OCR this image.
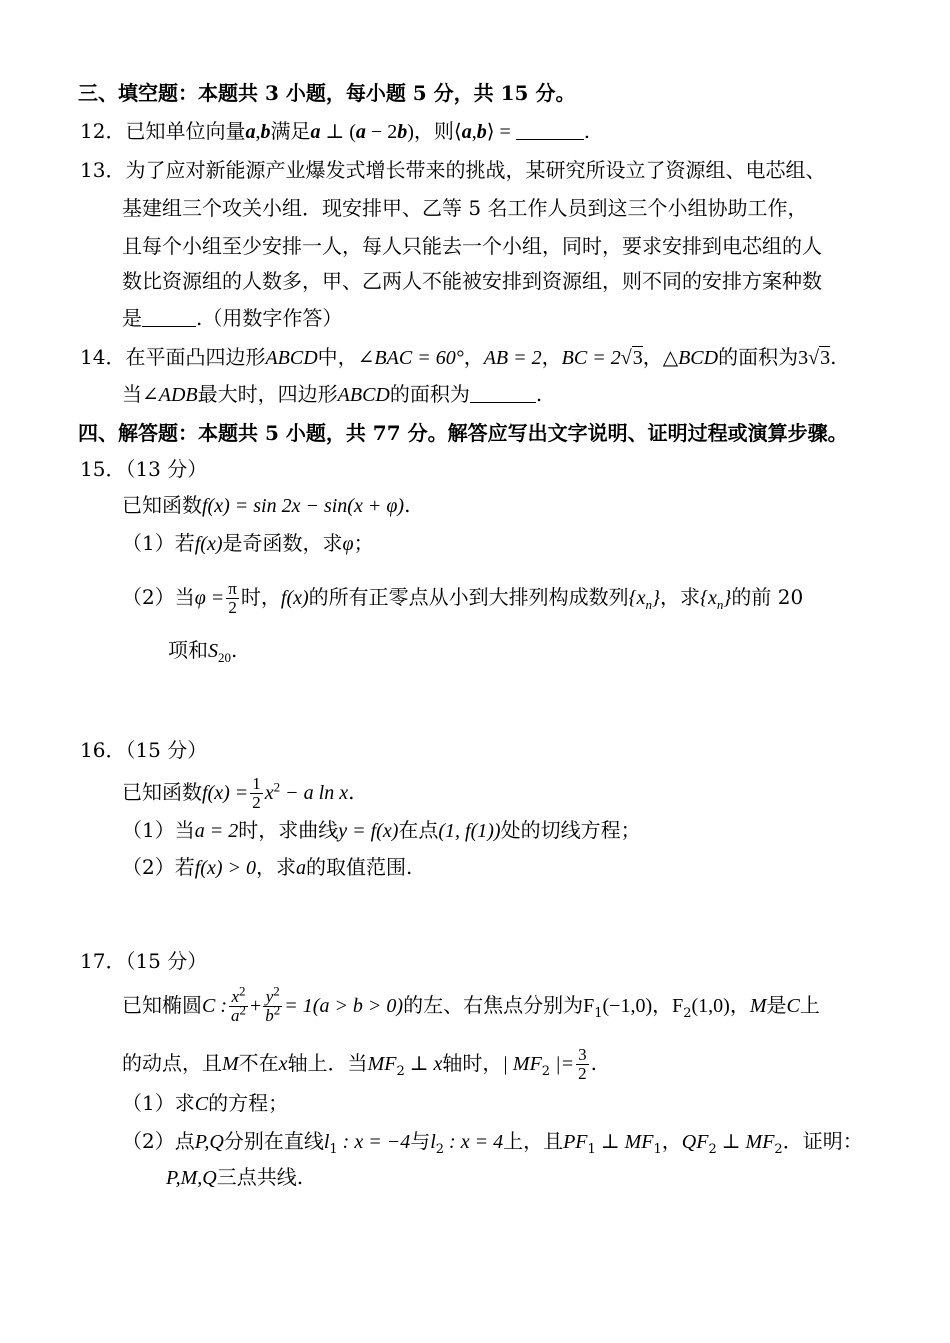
三、填空题：本题共 3 小题，每小题 5 分，共 15 分。
12．已知单位向量a,b满足a ⊥ (a − 2b)，则⟨a,b⟩ =	.
13．为了应对新能源产业爆发式增长带来的挑战，某研究所设立了资源组、电芯组、
基建组三个攻关小组．现安排甲、乙等 5 名工作人员到这三个小组协助工作，
且每个小组至少安排一人，每人只能去一个小组，同时，要求安排到电芯组的人
数比资源组的人数多，甲、乙两人不能被安排到资源组，则不同的安排方案种数
是	.（用数字作答）
14．在平面凸四边形ABCD中，∠BAC = 60°，AB = 2，BC = 2√3，△BCD的面积为3√3.
当∠ADB最大时，四边形ABCD的面积为	.
四、解答题：本题共 5 小题，共 77 分。解答应写出文字说明、证明过程或演算步骤。
15．（13 分）
已知函数f(x) = sin 2x − sin(x + φ).
（1）若f(x)是奇函数，求φ；
（2）当$\varphi = \frac{\pi}{2}$ 时，f(x)的所有正零点从小到大排列构成数列$\{x_n\}$，求$\{x_n\}$的前 20
项和$S_{20}$.
16．（15 分）
已知函数$f(x) = \frac{1}{2} x^2 - a$ ln x.
（1）当a = 2时，求曲线y = f(x)在点(1, f(1))处的切线方程；
（2）若f(x) > 0，求a的取值范围.
17．（15 分）
已知椭圆C : $\frac{x^2}{a^2} + \frac{y^2}{b^2} = 1(a > b > 0)$的左、右焦点分别为$F_1(-1,0)$，$F_2(1,0)$，M是C上
的动点，且M不在x轴上．当$MF_2$ ⊥ x轴时，| $MF_2$ |= $\frac{3}{2}$ .
（1）求C的方程；
（2）点P,Q分别在直线$l_1$ : x = −4与$l_2$ : x = 4上，且$PF_1$ ⊥ $MF_1$，$QF_2$ ⊥ $MF_2$．证明：
P,M,Q三点共线.
